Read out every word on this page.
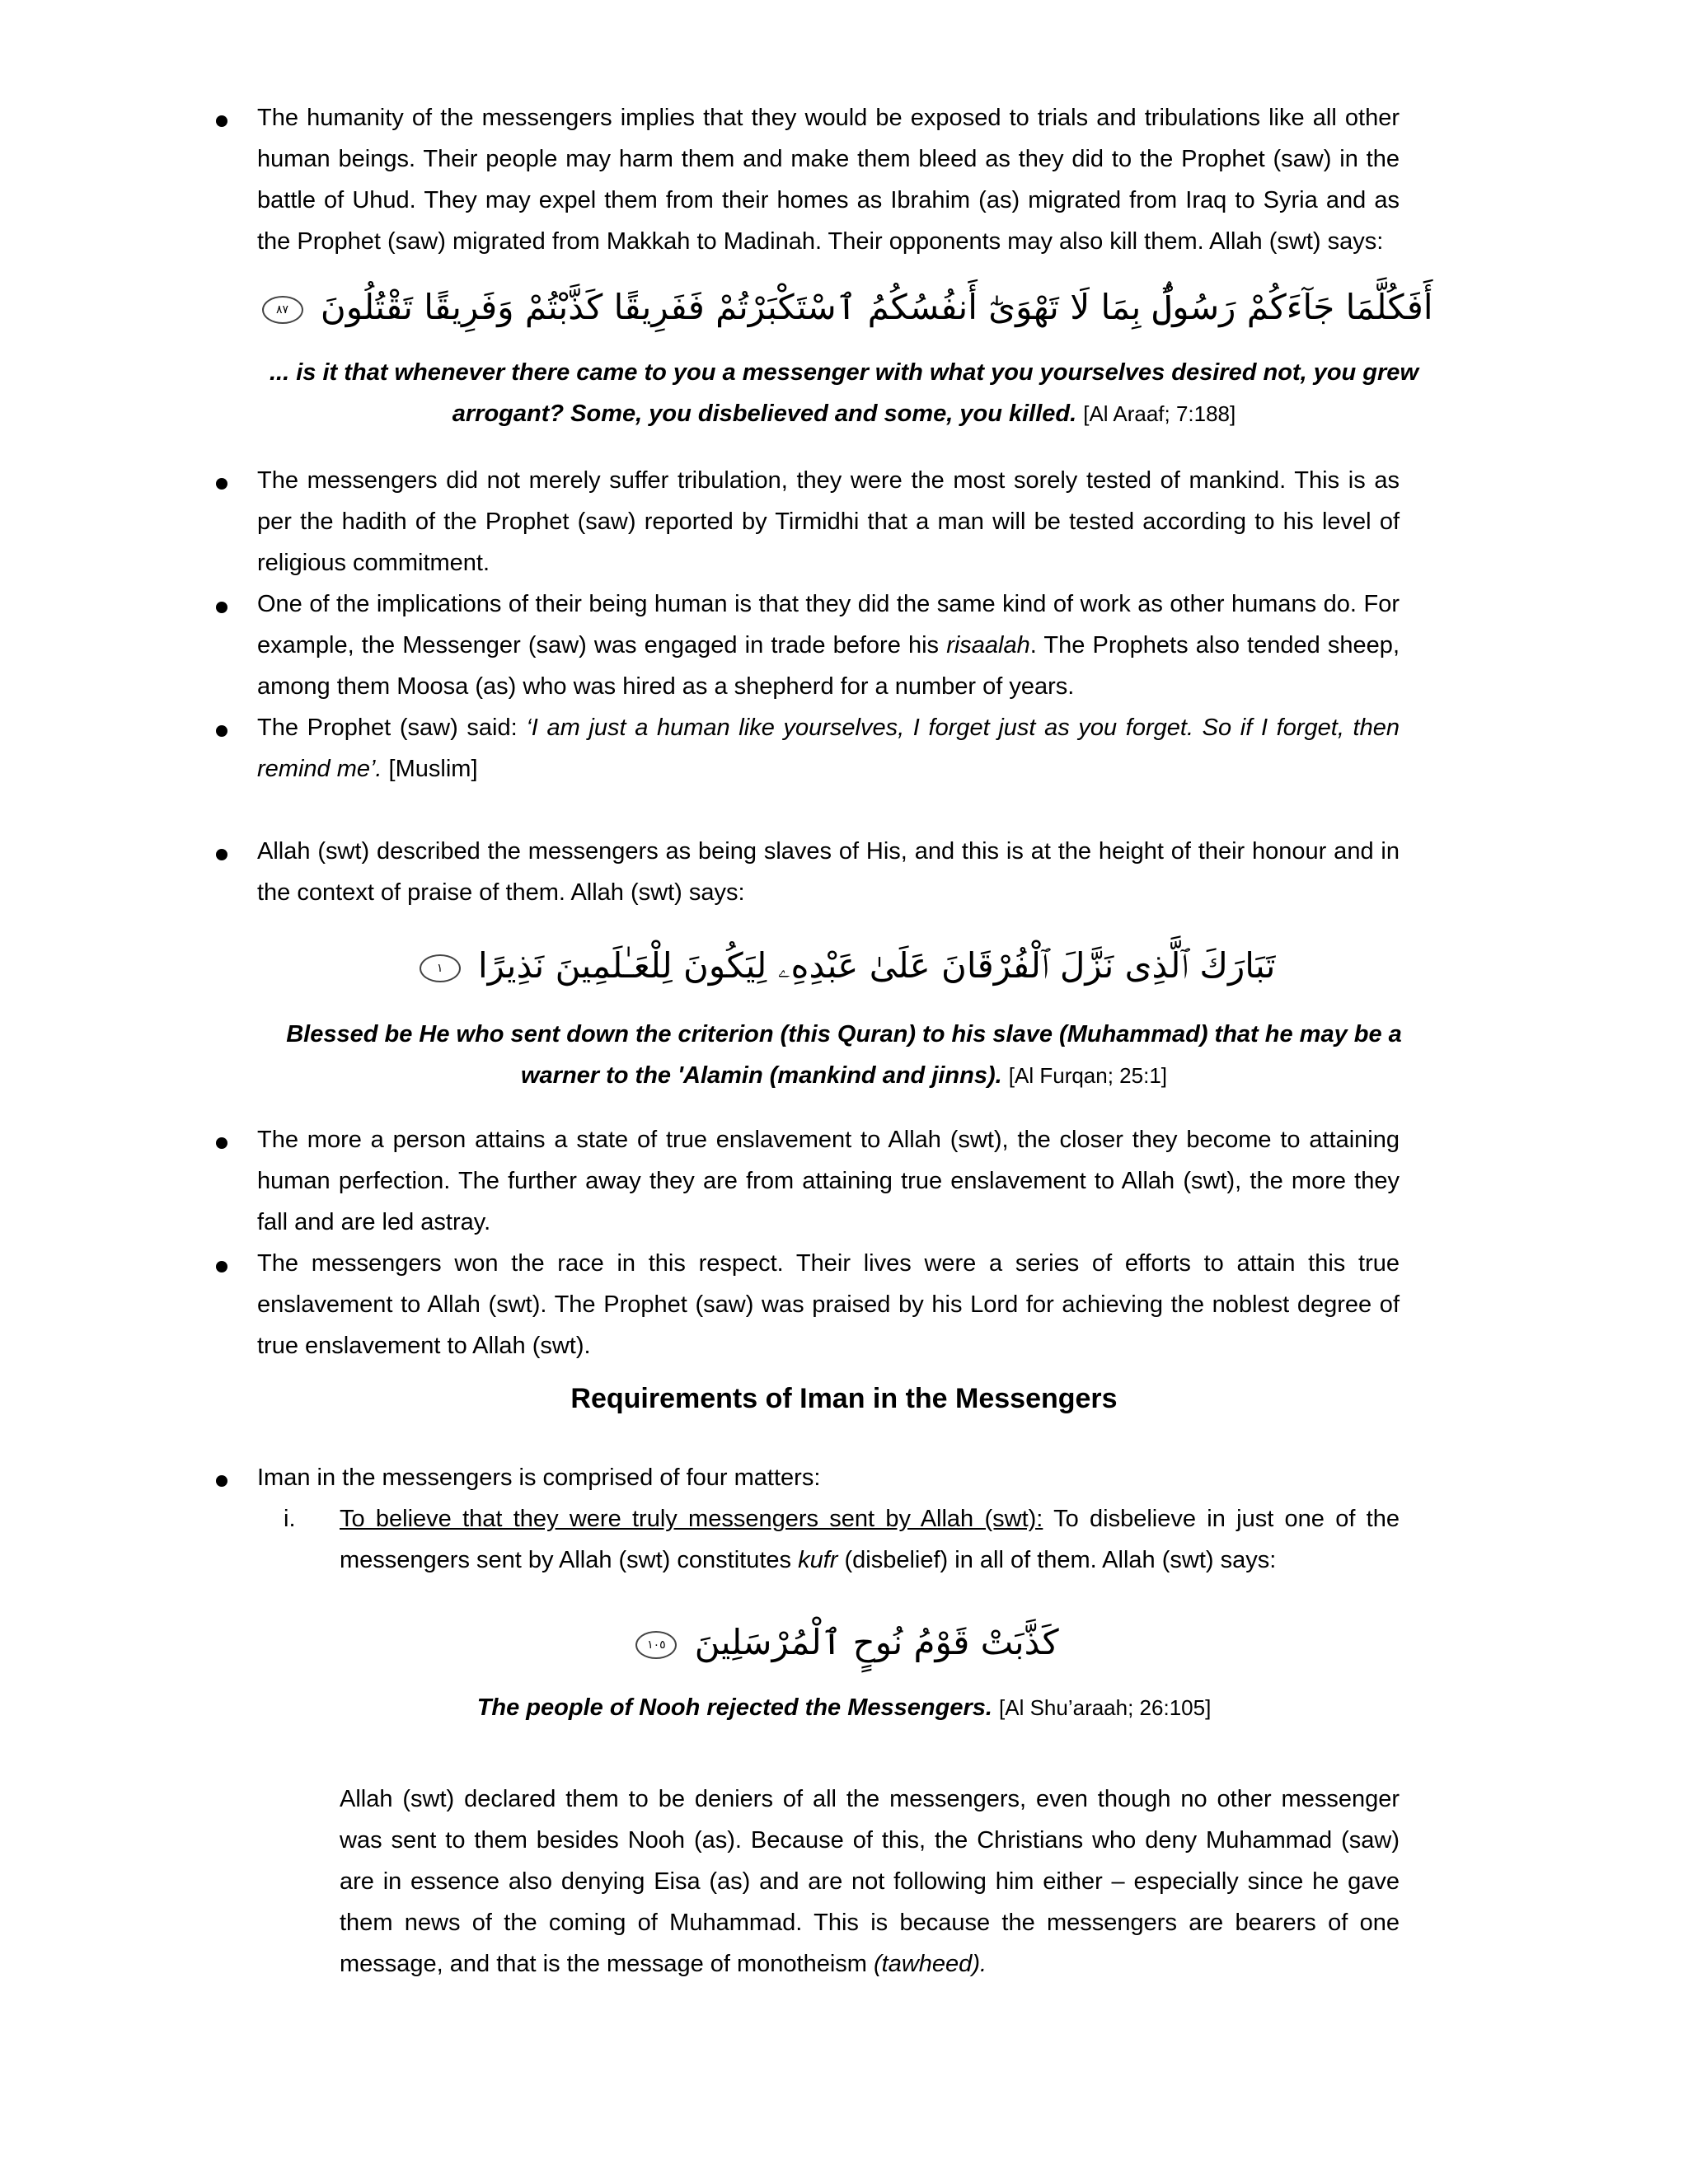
The humanity of the messengers implies that they would be exposed to trials and tribulations like all other human beings. Their people may harm them and make them bleed as they did to the Prophet (saw) in the battle of Uhud. They may expel them from their homes as Ibrahim (as) migrated from Iraq to Syria and as the Prophet (saw) migrated from Makkah to Madinah. Their opponents may also kill them. Allah (swt) says:

أَفَكُلَّمَا جَآءَكُمْ رَسُولٌۢ بِمَا لَا تَهْوَىٰٓ أَنفُسُكُمُ ٱسْتَكْبَرْتُمْ فَفَرِيقًا كَذَّبْتُمْ وَفَرِيقًا تَقْتُلُونَ ٨٧

... is it that whenever there came to you a messenger with what you yourselves desired not, you grew arrogant? Some, you disbelieved and some, you killed. [Al Araaf; 7:188]

The messengers did not merely suffer tribulation, they were the most sorely tested of mankind. This is as per the hadith of the Prophet (saw) reported by Tirmidhi that a man will be tested according to his level of religious commitment.

One of the implications of their being human is that they did the same kind of work as other humans do. For example, the Messenger (saw) was engaged in trade before his risaalah. The Prophets also tended sheep, among them Moosa (as) who was hired as a shepherd for a number of years.

The Prophet (saw) said: ‘I am just a human like yourselves, I forget just as you forget. So if I forget, then remind me’. [Muslim]

Allah (swt) described the messengers as being slaves of His, and this is at the height of their honour and in the context of praise of them. Allah (swt) says:

تَبَارَكَ ٱلَّذِى نَزَّلَ ٱلْفُرْقَانَ عَلَىٰ عَبْدِهِۦ لِيَكُونَ لِلْعَـٰلَمِينَ نَذِيرًا ١

Blessed be He who sent down the criterion (this Quran) to his slave (Muhammad) that he may be a warner to the 'Alamin (mankind and jinns). [Al Furqan; 25:1]

The more a person attains a state of true enslavement to Allah (swt), the closer they become to attaining human perfection. The further away they are from attaining true enslavement to Allah (swt), the more they fall and are led astray.

The messengers won the race in this respect. Their lives were a series of efforts to attain this true enslavement to Allah (swt). The Prophet (saw) was praised by his Lord for achieving the noblest degree of true enslavement to Allah (swt).

Requirements of Iman in the Messengers

Iman in the messengers is comprised of four matters:

i. To believe that they were truly messengers sent by Allah (swt): To disbelieve in just one of the messengers sent by Allah (swt) constitutes kufr (disbelief) in all of them. Allah (swt) says:

كَذَّبَتْ قَوْمُ نُوحٍ ٱلْمُرْسَلِينَ ١٠٥

The people of Nooh rejected the Messengers. [Al Shu’araah; 26:105]

Allah (swt) declared them to be deniers of all the messengers, even though no other messenger was sent to them besides Nooh (as). Because of this, the Christians who deny Muhammad (saw) are in essence also denying Eisa (as) and are not following him either – especially since he gave them news of the coming of Muhammad. This is because the messengers are bearers of one message, and that is the message of monotheism (tawheed).
